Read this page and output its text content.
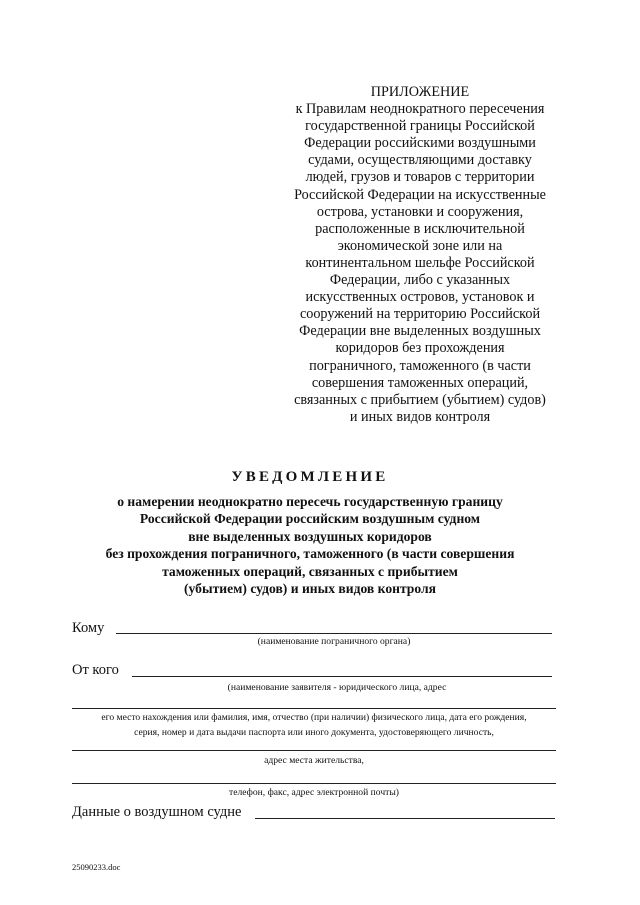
ПРИЛОЖЕНИЕ
к Правилам неоднократного пересечения
государственной границы Российской
Федерации российскими воздушными
судами, осуществляющими доставку
людей, грузов и товаров с территории
Российской Федерации на искусственные
острова, установки и сооружения,
расположенные в исключительной
экономической зоне или на
континентальном шельфе Российской
Федерации, либо с указанных
искусственных островов, установок и
сооружений на территорию Российской
Федерации вне выделенных воздушных
коридоров без прохождения
пограничного, таможенного (в части
совершения таможенных операций,
связанных с прибытием (убытием) судов)
и иных видов контроля
УВЕДОМЛЕНИЕ
о намерении неоднократно пересечь государственную границу
Российской Федерации российским воздушным судном
вне выделенных воздушных коридоров
без прохождения пограничного, таможенного (в части совершения
таможенных операций, связанных с прибытием
(убытием) судов) и иных видов контроля
Кому
(наименование пограничного органа)
От кого
(наименование заявителя - юридического лица, адрес
его место нахождения или фамилия, имя, отчество (при наличии) физического лица, дата его рождения,
серия, номер и дата выдачи паспорта или иного документа, удостоверяющего личность,
адрес места жительства,
телефон, факс, адрес электронной почты)
Данные о воздушном судне
25090233.doc
